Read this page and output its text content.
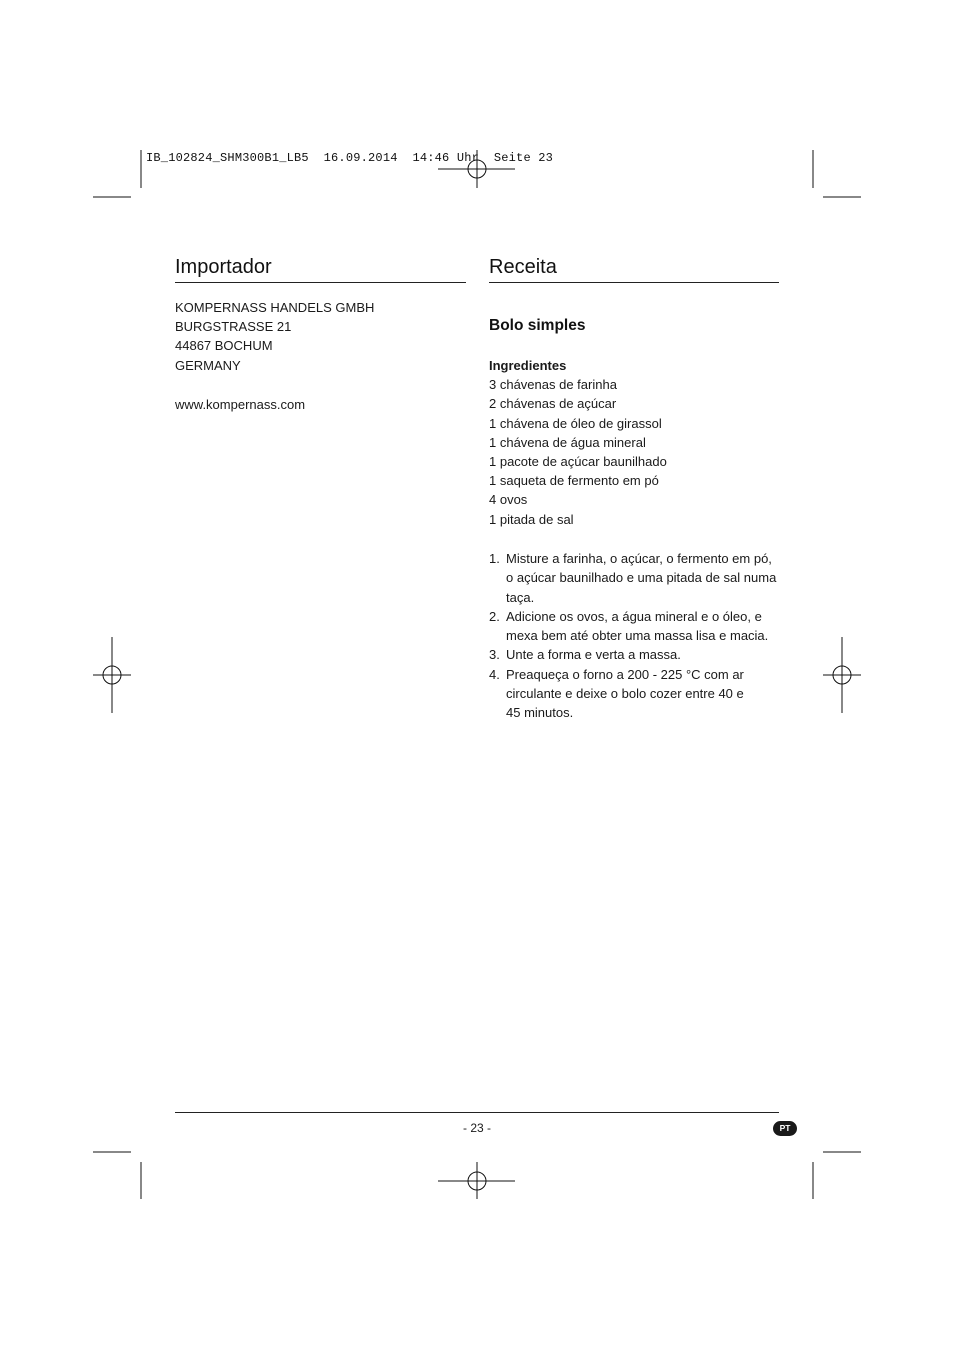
IB_102824_SHM300B1_LB5  16.09.2014  14:46 Uhr  Seite 23
Importador
KOMPERNASS HANDELS GMBH
BURGSTRASSE 21
44867 BOCHUM
GERMANY
www.kompernass.com
Receita
Bolo simples
Ingredientes
3 chávenas de farinha
2 chávenas de açúcar
1 chávena de óleo de girassol
1 chávena de água mineral
1 pacote de açúcar baunilhado
1 saqueta de fermento em pó
4 ovos
1 pitada de sal
1. Misture a farinha, o açúcar, o fermento em pó,
o açúcar baunilhado e uma pitada de sal numa
taça.
2. Adicione os ovos, a água mineral e o óleo, e
mexa bem até obter uma massa lisa e macia.
3. Unte a forma e verta a massa.
4. Preaqueça o forno a 200 - 225 °C com ar
circulante e deixe o bolo cozer entre 40 e
45 minutos.
- 23 -	PT
